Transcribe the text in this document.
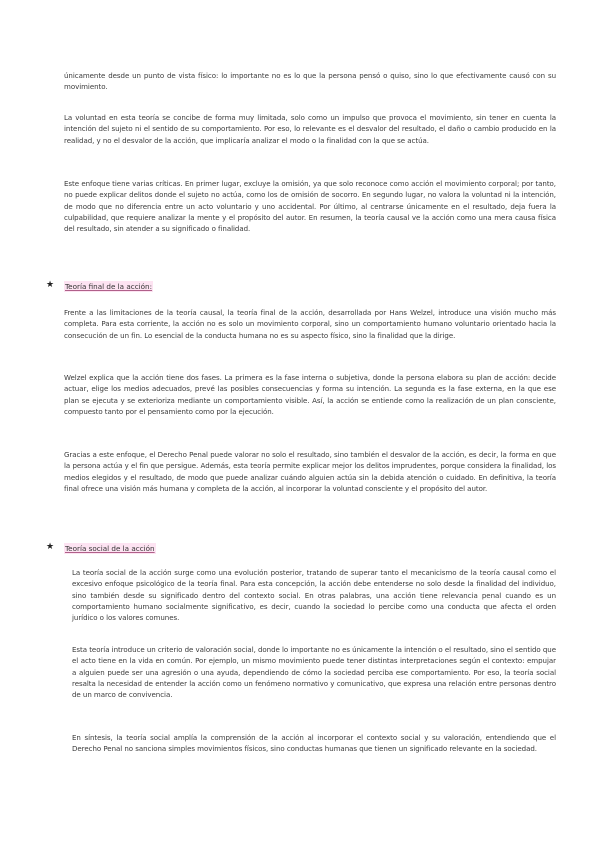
únicamente desde un punto de vista físico: lo importante no es lo que la persona pensó o quiso, sino lo que efectivamente causó con su movimiento.

La voluntad en esta teoría se concibe de forma muy limitada, solo como un impulso que provoca el movimiento, sin tener en cuenta la intención del sujeto ni el sentido de su comportamiento. Por eso, lo relevante es el desvalor del resultado, el daño o cambio producido en la realidad, y no el desvalor de la acción, que implicaría analizar el modo o la finalidad con la que se actúa.

Este enfoque tiene varias críticas. En primer lugar, excluye la omisión, ya que solo reconoce como acción el movimiento corporal; por tanto, no puede explicar delitos donde el sujeto no actúa, como los de omisión de socorro. En segundo lugar, no valora la voluntad ni la intención, de modo que no diferencia entre un acto voluntario y uno accidental. Por último, al centrarse únicamente en el resultado, deja fuera la culpabilidad, que requiere analizar la mente y el propósito del autor. En resumen, la teoría causal ve la acción como una mera causa física del resultado, sin atender a su significado o finalidad.

★ Teoría final de la acción:

Frente a las limitaciones de la teoría causal, la teoría final de la acción, desarrollada por Hans Welzel, introduce una visión mucho más completa. Para esta corriente, la acción no es solo un movimiento corporal, sino un comportamiento humano voluntario orientado hacia la consecución de un fin. Lo esencial de la conducta humana no es su aspecto físico, sino la finalidad que la dirige.

Welzel explica que la acción tiene dos fases. La primera es la fase interna o subjetiva, donde la persona elabora su plan de acción: decide actuar, elige los medios adecuados, prevé las posibles consecuencias y forma su intención. La segunda es la fase externa, en la que ese plan se ejecuta y se exterioriza mediante un comportamiento visible. Así, la acción se entiende como la realización de un plan consciente, compuesto tanto por el pensamiento como por la ejecución.

Gracias a este enfoque, el Derecho Penal puede valorar no solo el resultado, sino también el desvalor de la acción, es decir, la forma en que la persona actúa y el fin que persigue. Además, esta teoría permite explicar mejor los delitos imprudentes, porque considera la finalidad, los medios elegidos y el resultado, de modo que puede analizar cuándo alguien actúa sin la debida atención o cuidado. En definitiva, la teoría final ofrece una visión más humana y completa de la acción, al incorporar la voluntad consciente y el propósito del autor.

★ Teoría social de la acción

La teoría social de la acción surge como una evolución posterior, tratando de superar tanto el mecanicismo de la teoría causal como el excesivo enfoque psicológico de la teoría final. Para esta concepción, la acción debe entenderse no solo desde la finalidad del individuo, sino también desde su significado dentro del contexto social. En otras palabras, una acción tiene relevancia penal cuando es un comportamiento humano socialmente significativo, es decir, cuando la sociedad lo percibe como una conducta que afecta el orden jurídico o los valores comunes.

Esta teoría introduce un criterio de valoración social, donde lo importante no es únicamente la intención o el resultado, sino el sentido que el acto tiene en la vida en común. Por ejemplo, un mismo movimiento puede tener distintas interpretaciones según el contexto: empujar a alguien puede ser una agresión o una ayuda, dependiendo de cómo la sociedad perciba ese comportamiento. Por eso, la teoría social resalta la necesidad de entender la acción como un fenómeno normativo y comunicativo, que expresa una relación entre personas dentro de un marco de convivencia.

En síntesis, la teoría social amplía la comprensión de la acción al incorporar el contexto social y su valoración, entendiendo que el Derecho Penal no sanciona simples movimientos físicos, sino conductas humanas que tienen un significado relevante en la sociedad.
